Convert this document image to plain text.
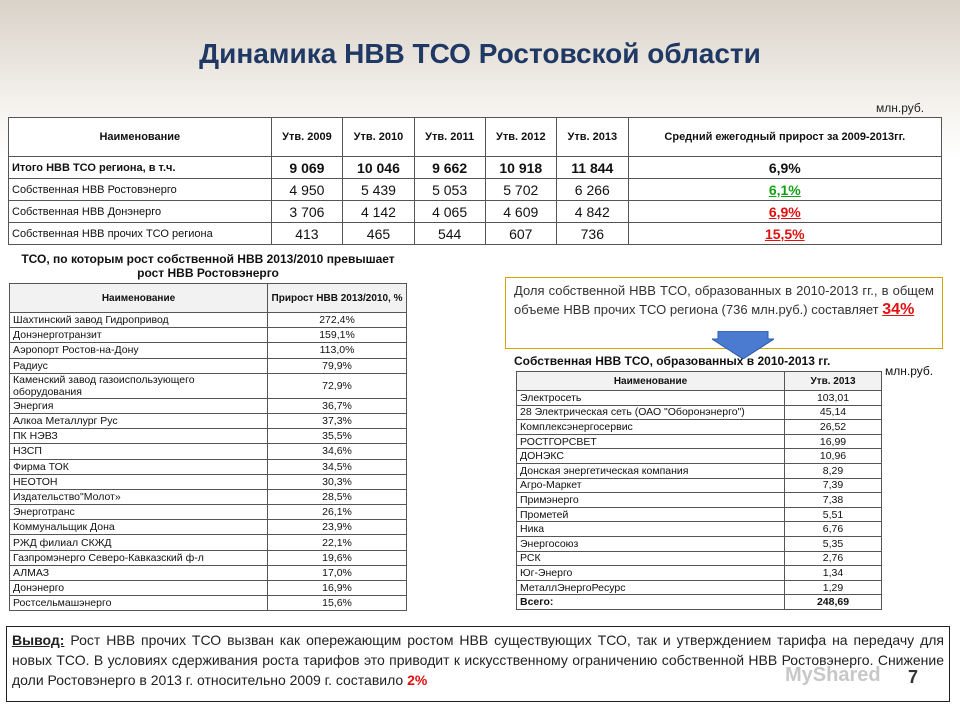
Динамика НВВ ТСО Ростовской области
млн.руб.
Наименование	Утв. 2009	Утв. 2010	Утв. 2011	Утв. 2012	Утв. 2013	Средний ежегодный прирост за 2009-2013гг.
Итого НВВ ТСО региона, в т.ч.	9 069	10 046	9 662	10 918	11 844	6,9%
Собственная НВВ Ростовэнерго	4 950	5 439	5 053	5 702	6 266	6,1%
Собственная НВВ Донэнерго	3 706	4 142	4 065	4 609	4 842	6,9%
Собственная НВВ прочих ТСО региона	413	465	544	607	736	15,5%
ТСО, по которым рост собственной НВВ 2013/2010 превышает рост НВВ Ростовэнерго
Наименование	Прирост НВВ 2013/2010, %
Шахтинский завод Гидропривод	272,4%
Донэнерготранзит	159,1%
Аэропорт Ростов-на-Дону	113,0%
Радиус	79,9%
Каменский завод газоиспользующего оборудования	72,9%
Энергия	36,7%
Алкоа Металлург Рус	37,3%
ПК НЭВЗ	35,5%
НЗСП	34,6%
Фирма ТОК	34,5%
НЕОТОН	30,3%
Издательство"Молот»	28,5%
Энерготранс	26,1%
Коммунальщик Дона	23,9%
РЖД филиал СКЖД	22,1%
Газпромэнерго Северо-Кавказский ф-л	19,6%
АЛМАЗ	17,0%
Донэнерго	16,9%
Ростсельмашэнерго	15,6%
Доля собственной НВВ ТСО, образованных в 2010-2013 гг., в общем объеме НВВ прочих ТСО региона (736 млн.руб.) составляет 34%
Собственная НВВ ТСО, образованных в 2010-2013 гг.
млн.руб.
Наименование	Утв. 2013
Электросеть	103,01
28 Электрическая сеть (ОАО "Оборонэнерго")	45,14
Комплексэнергосервис	26,52
РОСТГОРСВЕТ	16,99
ДОНЭКС	10,96
Донская энергетическая компания	8,29
Агро-Маркет	7,39
Примэнерго	7,38
Прометей	5,51
Ника	6,76
Энергосоюз	5,35
РСК	2,76
Юг-Энерго	1,34
МеталлЭнергоРесурс	1,29
Всего:	248,69
Вывод: Рост НВВ прочих ТСО вызван как опережающим ростом НВВ существующих ТСО, так и утверждением тарифа на передачу для новых ТСО. В условиях сдерживания роста тарифов это приводит к искусственному ограничению собственной НВВ Ростовэнерго. Снижение доли Ростовэнерго в 2013 г. относительно 2009 г. составило 2%	MyShared 7
